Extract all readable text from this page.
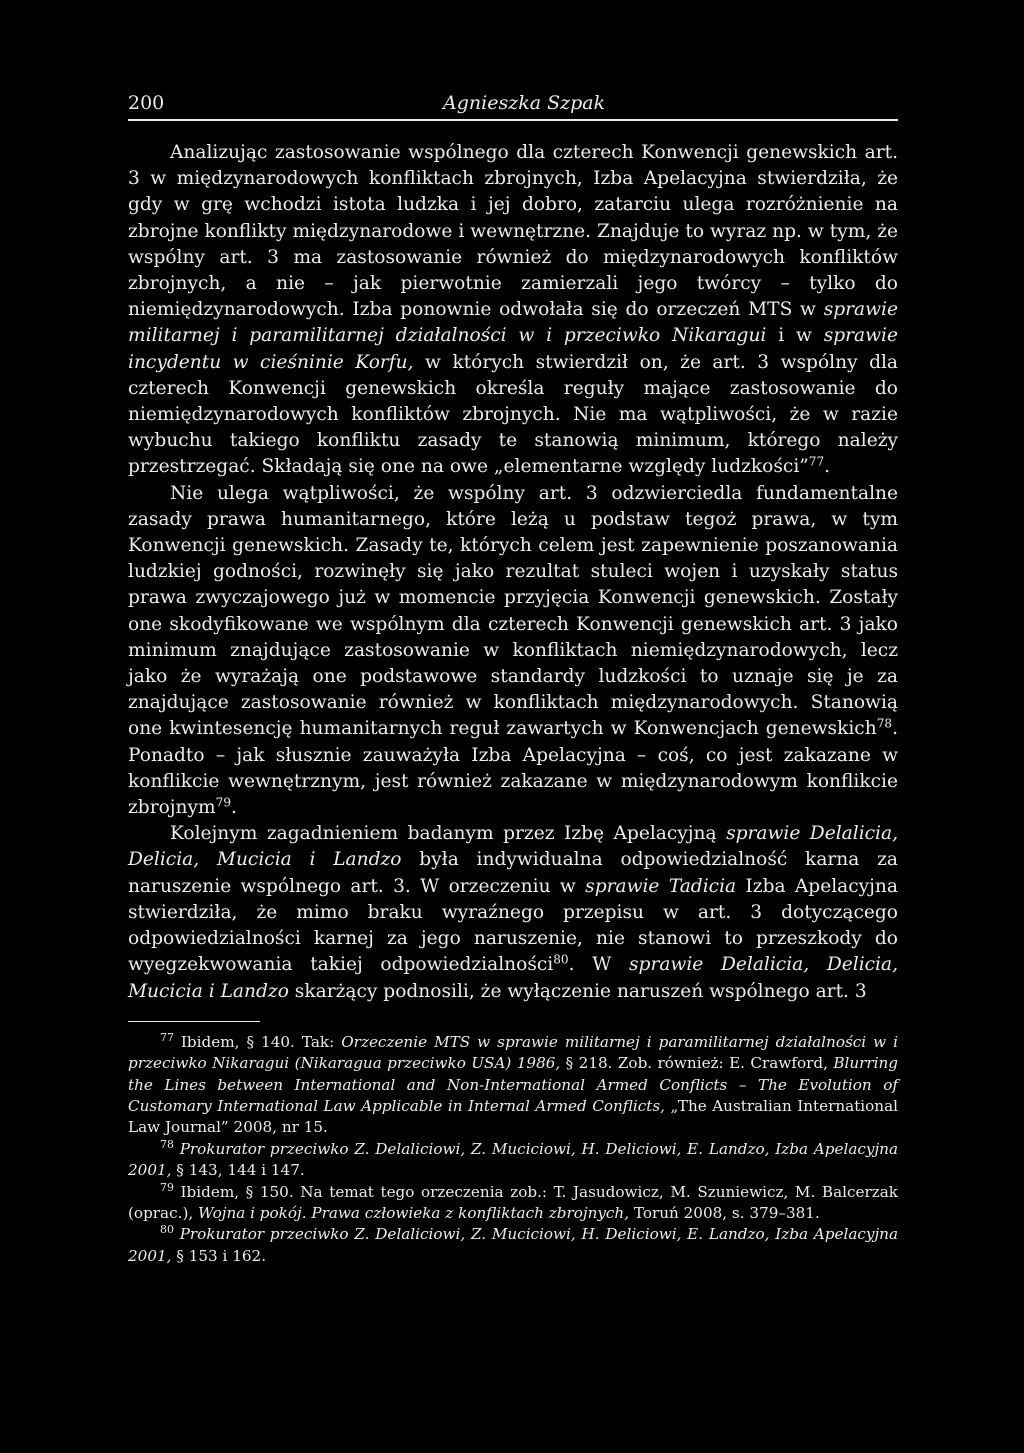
200	Agnieszka Szpak

Analizując zastosowanie wspólnego dla czterech Konwencji genewskich art. 3 w międzynarodowych konfliktach zbrojnych, Izba Apelacyjna stwierdziła, że gdy w grę wchodzi istota ludzka i jej dobro, zatarciu ulega rozróżnienie na zbrojne konflikty międzynarodowe i wewnętrzne. Znajduje to wyraz np. w tym, że wspólny art. 3 ma zastosowanie również do międzynarodowych konfliktów zbrojnych, a nie – jak pierwotnie zamierzali jego twórcy – tylko do niemiędzynarodowych. Izba ponownie odwołała się do orzeczeń MTS w sprawie militarnej i paramilitarnej działalności w i przeciwko Nikaragui i w sprawie incydentu w cieśninie Korfu, w których stwierdził on, że art. 3 wspólny dla czterech Konwencji genewskich określa reguły mające zastosowanie do niemiędzynarodowych konfliktów zbrojnych. Nie ma wątpliwości, że w razie wybuchu takiego konfliktu zasady te stanowią minimum, którego należy przestrzegać. Składają się one na owe „elementarne względy ludzkości”$^{77}$.

Nie ulega wątpliwości, że wspólny art. 3 odzwierciedla fundamentalne zasady prawa humanitarnego, które leżą u podstaw tegoż prawa, w tym Konwencji genewskich. Zasady te, których celem jest zapewnienie poszanowania ludzkiej godności, rozwinęły się jako rezultat stuleci wojen i uzyskały status prawa zwyczajowego już w momencie przyjęcia Konwencji genewskich. Zostały one skodyfikowane we wspólnym dla czterech Konwencji genewskich art. 3 jako minimum znajdujące zastosowanie w konfliktach niemiędzynarodowych, lecz jako że wyrażają one podstawowe standardy ludzkości to uznaje się je za znajdujące zastosowanie również w konfliktach międzynarodowych. Stanowią one kwintesencję humanitarnych reguł zawartych w Konwencjach genewskich$^{78}$. Ponadto – jak słusznie zauważyła Izba Apelacyjna – coś, co jest zakazane w konflikcie wewnętrznym, jest również zakazane w międzynarodowym konflikcie zbrojnym$^{79}$.

Kolejnym zagadnieniem badanym przez Izbę Apelacyjną sprawie Delalicia, Delicia, Mucicia i Landzo była indywidualna odpowiedzialność karna za naruszenie wspólnego art. 3. W orzeczeniu w sprawie Tadicia Izba Apelacyjna stwierdziła, że mimo braku wyraźnego przepisu w art. 3 dotyczącego odpowiedzialności karnej za jego naruszenie, nie stanowi to przeszkody do wyegzekwowania takiej odpowiedzialności$^{80}$. W sprawie Delalicia, Delicia, Mucicia i Landzo skarżący podnosili, że wyłączenie naruszeń wspólnego art. 3

$^{77}$ Ibidem, § 140. Tak: Orzeczenie MTS w sprawie militarnej i paramilitarnej działalności w i przeciwko Nikaragui (Nikaragua przeciwko USA) 1986, § 218. Zob. również: E. Crawford, Blurring the Lines between International and Non-International Armed Conflicts – The Evolution of Customary International Law Applicable in Internal Armed Conflicts, „The Australian International Law Journal” 2008, nr 15.

$^{78}$ Prokurator przeciwko Z. Delaliciowi, Z. Muciciowi, H. Deliciowi, E. Landzo, Izba Apelacyjna 2001, § 143, 144 i 147.

$^{79}$ Ibidem, § 150. Na temat tego orzeczenia zob.: T. Jasudowicz, M. Szuniewicz, M. Balcerzak (oprac.), Wojna i pokój. Prawa człowieka z konfliktach zbrojnych, Toruń 2008, s. 379–381.

$^{80}$ Prokurator przeciwko Z. Delaliciowi, Z. Muciciowi, H. Deliciowi, E. Landzo, Izba Apelacyjna 2001, § 153 i 162.
